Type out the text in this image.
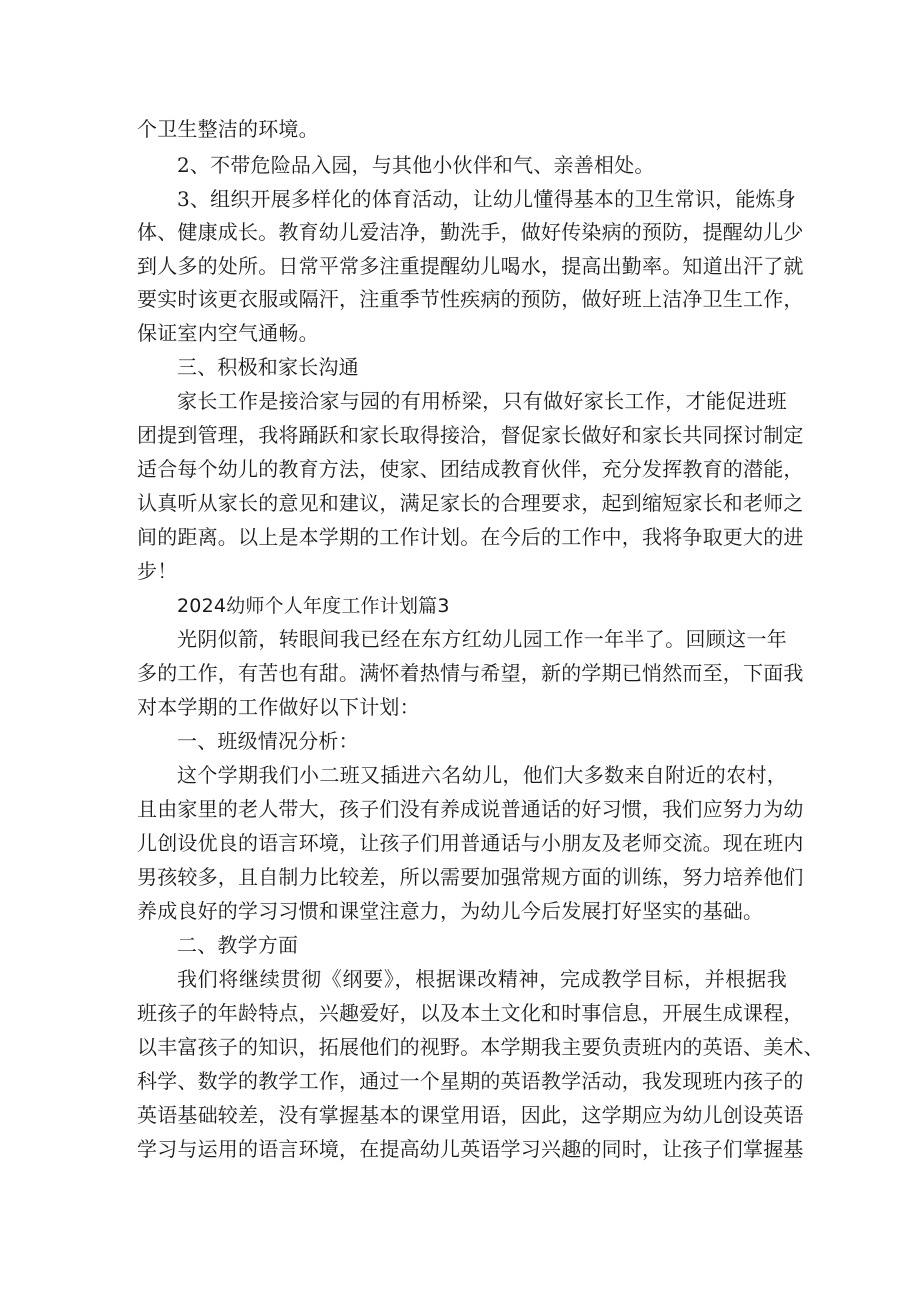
个卫生整洁的环境。
2、不带危险品入园，与其他小伙伴和气、亲善相处。
3、组织开展多样化的体育活动，让幼儿懂得基本的卫生常识，能炼身
体、健康成长。教育幼儿爱洁净，勤洗手，做好传染病的预防，提醒幼儿少
到人多的处所。日常平常多注重提醒幼儿喝水，提高出勤率。知道出汗了就
要实时该更衣服或隔汗，注重季节性疾病的预防，做好班上洁净卫生工作，
保证室内空气通畅。
三、积极和家长沟通
家长工作是接洽家与园的有用桥梁，只有做好家长工作，才能促进班
团提到管理，我将踊跃和家长取得接洽，督促家长做好和家长共同探讨制定
适合每个幼儿的教育方法，使家、团结成教育伙伴，充分发挥教育的潜能，
认真听从家长的意见和建议，满足家长的合理要求，起到缩短家长和老师之
间的距离。以上是本学期的工作计划。在今后的工作中，我将争取更大的进
步！
2024幼师个人年度工作计划篇3
光阴似箭，转眼间我已经在东方红幼儿园工作一年半了。回顾这一年
多的工作，有苦也有甜。满怀着热情与希望，新的学期已悄然而至，下面我
对本学期的工作做好以下计划：
一、班级情况分析：
这个学期我们小二班又插进六名幼儿，他们大多数来自附近的农村，
且由家里的老人带大，孩子们没有养成说普通话的好习惯，我们应努力为幼
儿创设优良的语言环境，让孩子们用普通话与小朋友及老师交流。现在班内
男孩较多，且自制力比较差，所以需要加强常规方面的训练，努力培养他们
养成良好的学习习惯和课堂注意力，为幼儿今后发展打好坚实的基础。
二、教学方面
我们将继续贯彻《纲要》，根据课改精神，完成教学目标，并根据我
班孩子的年龄特点，兴趣爱好，以及本土文化和时事信息，开展生成课程，
以丰富孩子的知识，拓展他们的视野。本学期我主要负责班内的英语、美术、
科学、数学的教学工作，通过一个星期的英语教学活动，我发现班内孩子的
英语基础较差，没有掌握基本的课堂用语，因此，这学期应为幼儿创设英语
学习与运用的语言环境，在提高幼儿英语学习兴趣的同时，让孩子们掌握基
